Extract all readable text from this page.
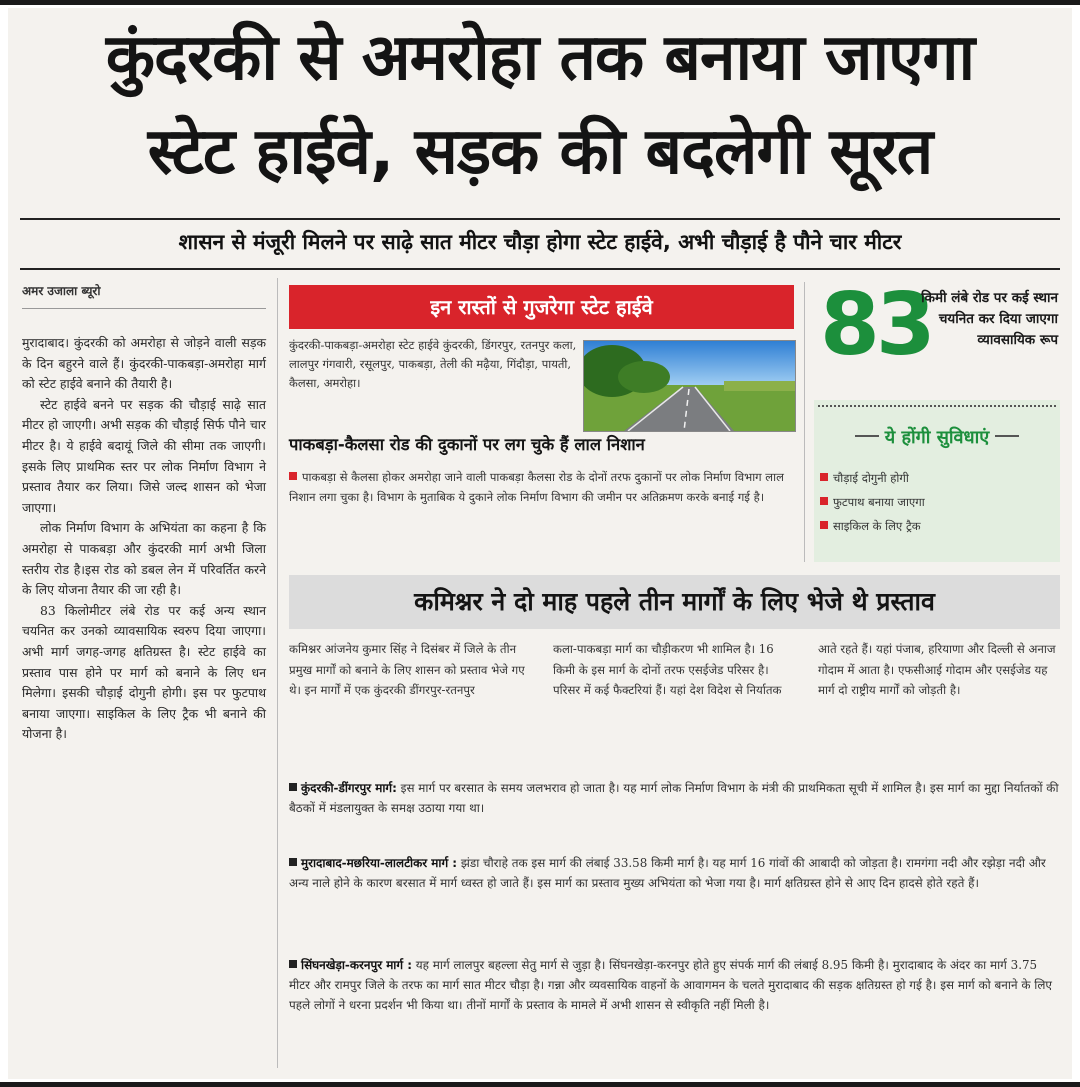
कुंदरकी से अमरोहा तक बनाया जाएगा
स्टेट हाईवे, सड़क की बदलेगी सूरत
शासन से मंजूरी मिलने पर साढ़े सात मीटर चौड़ा होगा स्टेट हाईवे, अभी चौड़ाई है पौने चार मीटर
अमर उजाला ब्यूरो

मुरादाबाद। कुंदरकी को अमरोहा से जोड़ने वाली सड़क के दिन बहुरने वाले हैं। कुंदरकी-पाकबड़ा-अमरोहा मार्ग को स्टेट हाईवे बनाने की तैयारी है।

स्टेट हाईवे बनने पर सड़क की चौड़ाई साढ़े सात मीटर हो जाएगी। अभी सड़क की चौड़ाई सिर्फ पौने चार मीटर है। ये हाईवे बदायूं जिले की सीमा तक जाएगी। इसके लिए प्राथमिक स्तर पर लोक निर्माण विभाग ने प्रस्ताव तैयार कर लिया। जिसे जल्द शासन को भेजा जाएगा।

लोक निर्माण विभाग के अभियंता का कहना है कि अमरोहा से पाकबड़ा और कुंदरकी मार्ग अभी जिला स्तरीय रोड है।इस रोड को डबल लेन में परिवर्तित करने के लिए योजना तैयार की जा रही है।

83 किलोमीटर लंबे रोड पर कई अन्य स्थान चयनित कर उनको व्यावसायिक स्वरुप दिया जाएगा। अभी मार्ग जगह-जगह क्षतिग्रस्त है। स्टेट हाईवे का प्रस्ताव पास होने पर मार्ग को बनाने के लिए धन मिलेगा। इसकी चौड़ाई दोगुनी होगी। इस पर फुटपाथ बनाया जाएगा। साइकिल के लिए ट्रैक भी बनाने की योजना है।

इन रास्तों से गुजरेगा स्टेट हाईवे
कुंदरकी-पाकबड़ा-अमरोहा स्टेट हाईवे कुंदरकी, डिंगरपुर, रतनपुर कला, लालपुर गंगवारी, रसूलपुर, पाकबड़ा, तेली की मढ़ैया, गिंदौड़ा, पायती, कैलसा, अमरोहा।
पाकबड़ा-कैलसा रोड की दुकानों पर लग चुके हैं लाल निशान
पाकबड़ा से कैलसा होकर अमरोहा जाने वाली पाकबड़ा कैलसा रोड के दोनों तरफ दुकानों पर लोक निर्माण विभाग लाल निशान लगा चुका है। विभाग के मुताबिक ये दुकाने लोक निर्माण विभाग की जमीन पर अतिक्रमण करके बनाई गई है।
83
किमी लंबे रोड पर कई स्थान चयनित कर दिया जाएगा व्यावसायिक रूप
ये होंगी सुविधाएं
चौड़ाई दोगुनी होगी
फुटपाथ बनाया जाएगा
साइकिल के लिए ट्रैक
कमिश्नर ने दो माह पहले तीन मार्गों के लिए भेजे थे प्रस्ताव
कमिश्नर आंजनेय कुमार सिंह ने दिसंबर में जिले के तीन प्रमुख मार्गों को बनाने के लिए शासन को प्रस्ताव भेजे गए थे। इन मार्गों में एक कुंदरकी डींगरपुर-रतनपुर
कला-पाकबड़ा मार्ग का चौड़ीकरण भी शामिल है। 16 किमी के इस मार्ग के दोनों तरफ एसईजेड परिसर है। परिसर में कई फैक्टरियां हैं। यहां देश विदेश से निर्यातक
आते रहते हैं। यहां पंजाब, हरियाणा और दिल्ली से अनाज गोदाम में आता है। एफसीआई गोदाम और एसईजेड यह मार्ग दो राष्ट्रीय मार्गों को जोड़ती है।
कुंदरकी-डींगरपुर मार्ग: इस मार्ग पर बरसात के समय जलभराव हो जाता है। यह मार्ग लोक निर्माण विभाग के मंत्री की प्राथमिकता सूची में शामिल है। इस मार्ग का मुद्दा निर्यातकों की बैठकों में मंडलायुक्त के समक्ष उठाया गया था।
मुरादाबाद-मछरिया-लालटीकर मार्ग : झंडा चौराहे तक इस मार्ग की लंबाई 33.58 किमी मार्ग है। यह मार्ग 16 गांवों की आबादी को जोड़ता है। रामगंगा नदी और रझेड़ा नदी और अन्य नाले होने के कारण बरसात में मार्ग ध्वस्त हो जाते हैं। इस मार्ग का प्रस्ताव मुख्य अभियंता को भेजा गया है। मार्ग क्षतिग्रस्त होने से आए दिन हादसे होते रहते हैं।
सिंघनखेड़ा-करनपुर मार्ग : यह मार्ग लालपुर बहल्ला सेतु मार्ग से जुड़ा है। सिंघनखेड़ा-करनपुर होते हुए संपर्क मार्ग की लंबाई 8.95 किमी है। मुरादाबाद के अंदर का मार्ग 3.75 मीटर और रामपुर जिले के तरफ का मार्ग सात मीटर चौड़ा है। गन्ना और व्यवसायिक वाहनों के आवागमन के चलते मुरादाबाद की सड़क क्षतिग्रस्त हो गई है। इस मार्ग को बनाने के लिए पहले लोगों ने धरना प्रदर्शन भी किया था। तीनों मार्गों के प्रस्ताव के मामले में अभी शासन से स्वीकृति नहीं मिली है।
